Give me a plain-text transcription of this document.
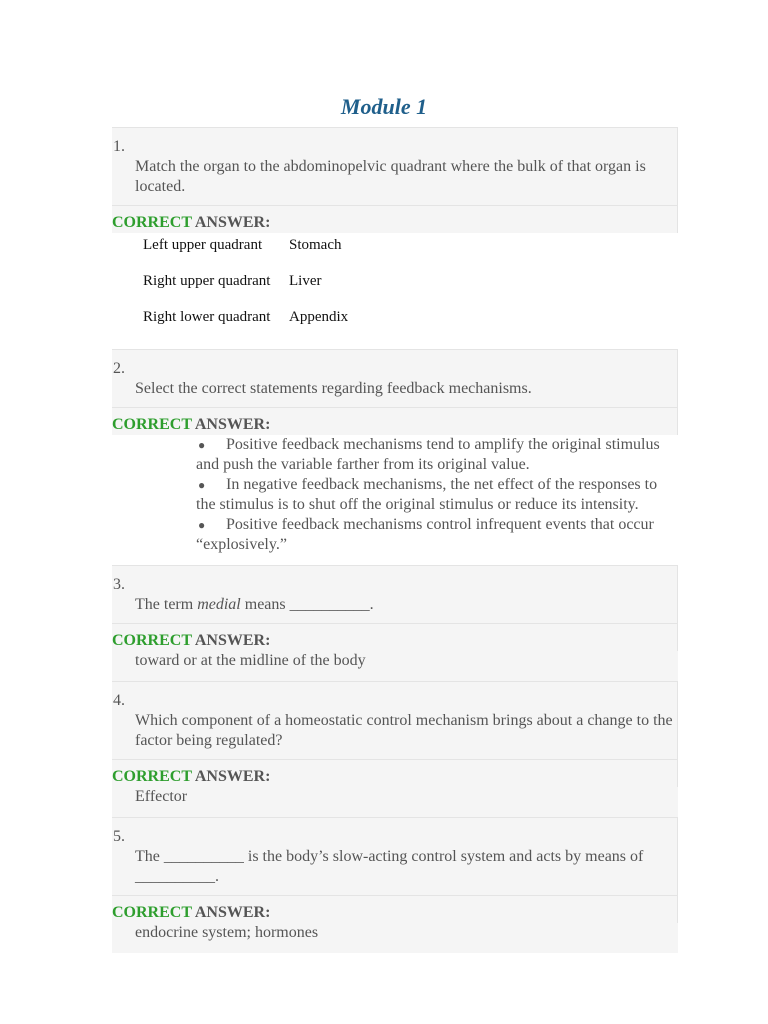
Module 1
1.
Match the organ to the abdominopelvic quadrant where the bulk of that organ is located.
CORRECT ANSWER:
Left upper quadrant	Stomach
Right upper quadrant	Liver
Right lower quadrant	Appendix
2.
Select the correct statements regarding feedback mechanisms.
CORRECT ANSWER:
● Positive feedback mechanisms tend to amplify the original stimulus and push the variable farther from its original value.
● In negative feedback mechanisms, the net effect of the responses to the stimulus is to shut off the original stimulus or reduce its intensity.
● Positive feedback mechanisms control infrequent events that occur “explosively.”
3.
The term medial means __________.
CORRECT ANSWER:
toward or at the midline of the body
4.
Which component of a homeostatic control mechanism brings about a change to the factor being regulated?
CORRECT ANSWER:
Effector
5.
The __________ is the body’s slow-acting control system and acts by means of __________.
CORRECT ANSWER:
endocrine system; hormones
